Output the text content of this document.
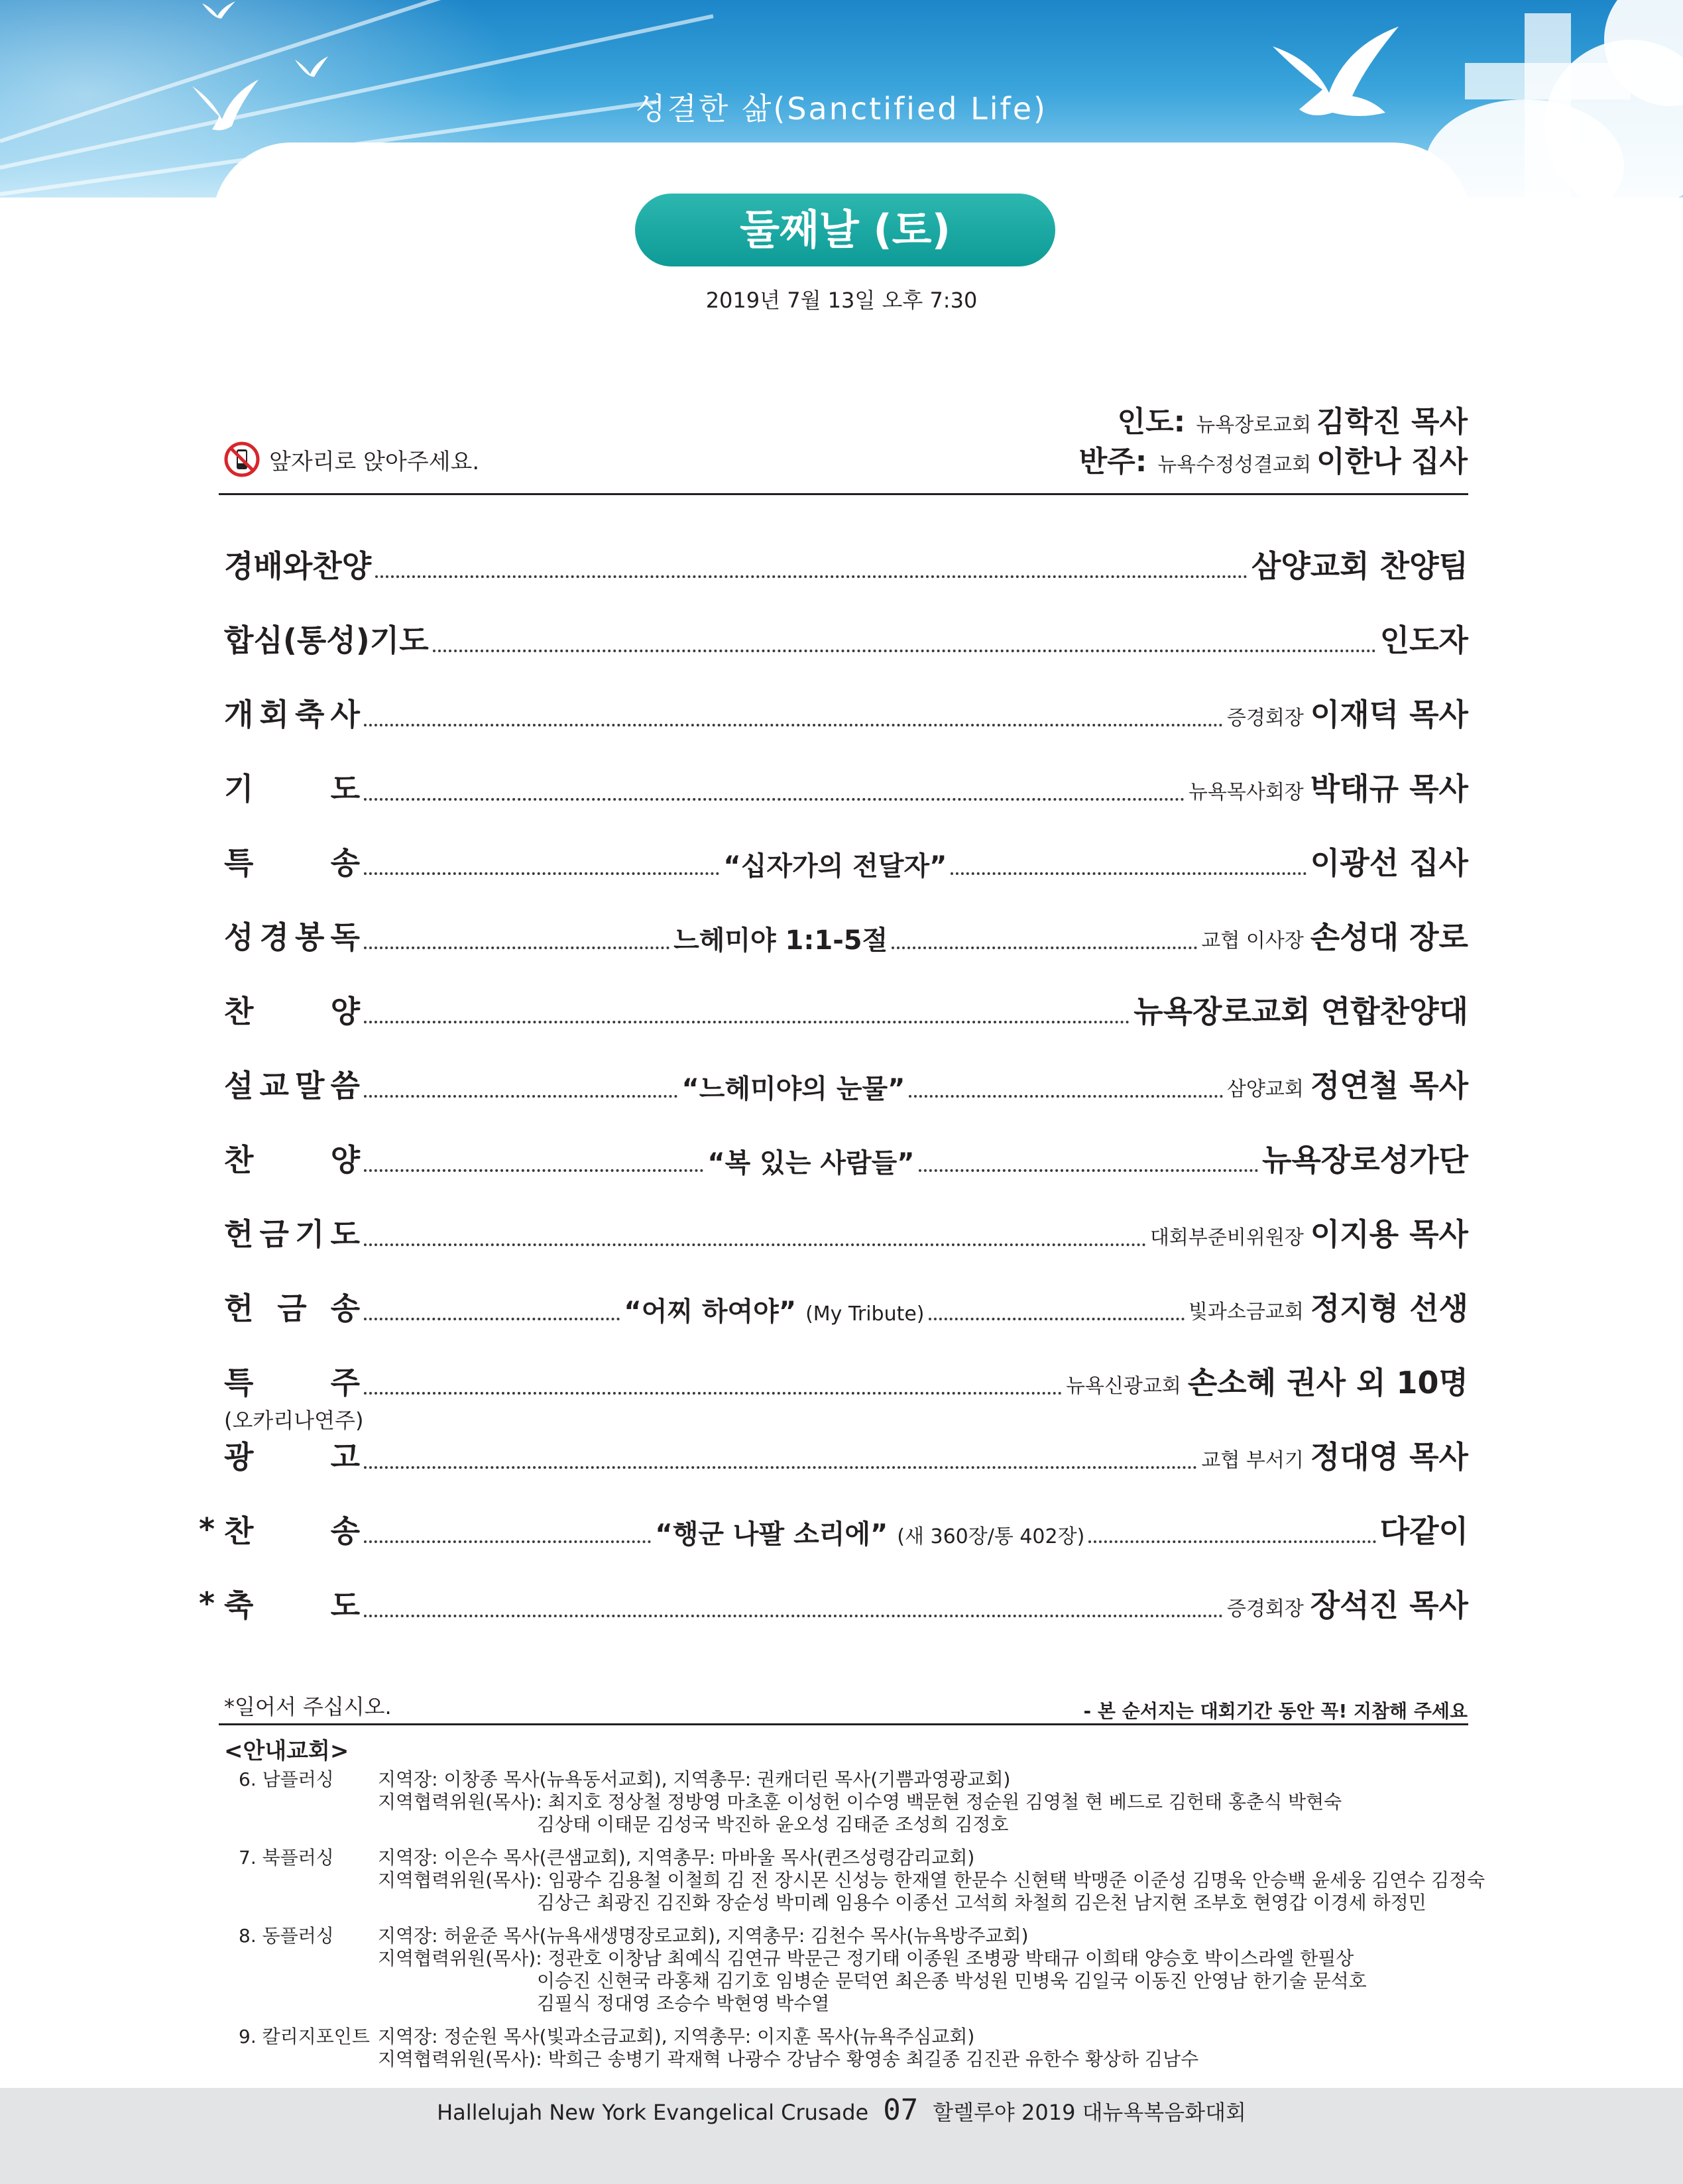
성결한 삶(Sanctified Life)
둘째날 (토)
2019년 7월 13일 오후 7:30
인도: 뉴욕장로교회 김학진 목사
반주: 뉴욕수정성결교회 이한나 집사
앞자리로 앉아주세요.
경배와찬양	삼양교회 찬양팀
합심(통성)기도	인도자
개 회 축 사	증경회장 이재덕 목사
기	도	뉴욕목사회장 박태규 목사
특	송	“십자가의 전달자”	이광선 집사
성 경 봉 독	느헤미야 1:1-5절	교협 이사장 손성대 장로
찬	양	뉴욕장로교회 연합찬양대
설 교 말 씀	“느헤미야의 눈물”	삼양교회 정연철 목사
찬	양	“복 있는 사람들”	뉴욕장로성가단
헌 금 기 도	대회부준비위원장 이지용 목사
헌 금 송	“어찌 하여야” (My Tribute)	빛과소금교회 정지형 선생
특	주	뉴욕신광교회 손소혜 권사 외 10명
(오카리나연주)
광	고	교협 부서기 정대영 목사
찬	송	“행군 나팔 소리에” (새 360장/통 402장)	다같이
*
축	도	증경회장 장석진 목사
*
*일어서 주십시오.	- 본 순서지는 대회기간 동안 꼭! 지참해 주세요
<안내교회>
6. 남플러싱	지역장: 이창종 목사(뉴욕동서교회), 지역총무: 권캐더린 목사(기쁨과영광교회)
지역협력위원(목사): 최지호 정상철 정방영 마초훈 이성헌 이수영 백문현 정순원 김영철 현 베드로 김헌태 홍춘식 박현숙
김상태 이태문 김성국 박진하 윤오성 김태준 조성희 김정호
7. 북플러싱	지역장: 이은수 목사(큰샘교회), 지역총무: 마바울 목사(퀸즈성령감리교회)
지역협력위원(목사): 임광수 김용철 이철희 김 전 장시몬 신성능 한재열 한문수 신현택 박맹준 이준성 김명욱 안승백 윤세웅 김연수 김정숙
김상근 최광진 김진화 장순성 박미례 임용수 이종선 고석희 차철희 김은천 남지현 조부호 현영갑 이경세 하정민
8. 동플러싱	지역장: 허윤준 목사(뉴욕새생명장로교회), 지역총무: 김천수 목사(뉴욕방주교회)
지역협력위원(목사): 정관호 이창남 최예식 김연규 박문근 정기태 이종원 조병광 박태규 이희태 양승호 박이스라엘 한필상
이승진 신현국 라홍채 김기호 임병순 문덕연 최은종 박성원 민병욱 김일국 이동진 안영남 한기술 문석호
김필식 정대영 조승수 박현영 박수열
9. 칼리지포인트 지역장: 정순원 목사(빛과소금교회), 지역총무: 이지훈 목사(뉴욕주심교회)
지역협력위원(목사): 박희근 송병기 곽재혁 나광수 강남수 황영송 최길종 김진관 유한수 황상하 김남수
Hallelujah New York Evangelical Crusade 07 할렐루야 2019 대뉴욕복음화대회
